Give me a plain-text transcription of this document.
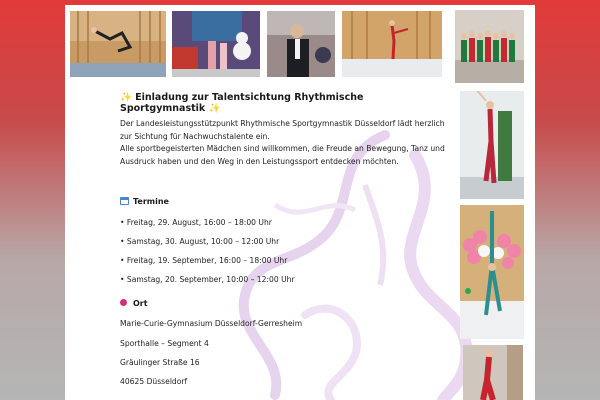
✨ Einladung zur Talentsichtung Rhythmische Sportgymnastik ✨

Der Landesleistungsstützpunkt Rhythmische Sportgymnastik Düsseldorf lädt herzlich zur Sichtung für Nachwuchstalente ein.

Alle sportbegeisterten Mädchen sind willkommen, die Freude an Bewegung, Tanz und Ausdruck haben und den Weg in den Leistungssport entdecken möchten.

Termine
• Freitag, 29. August, 16:00 – 18:00 Uhr
• Samstag, 30. August, 10:00 – 12:00 Uhr
• Freitag, 19. September, 16:00 – 18:00 Uhr
• Samstag, 20. September, 10:00 – 12:00 Uhr
Ort
Marie-Curie-Gymnasium Düsseldorf-Gerresheim
Sporthalle – Segment 4
Gräulinger Straße 16
40625 Düsseldorf
